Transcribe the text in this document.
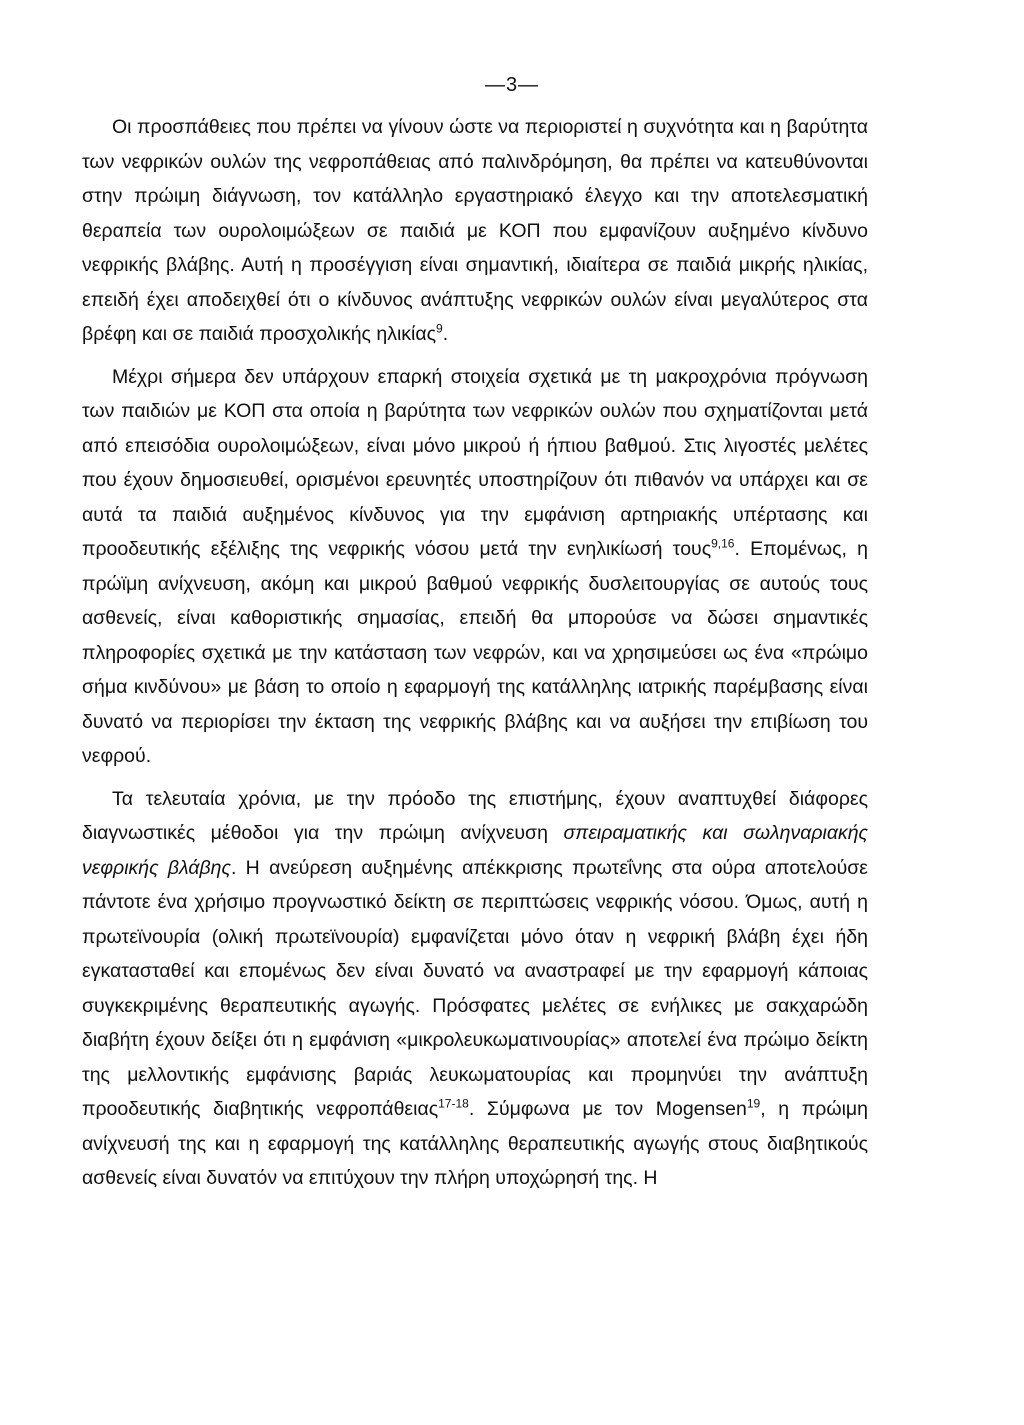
—3—

Οι προσπάθειες που πρέπει να γίνουν ώστε να περιοριστεί η συχνότητα και η βαρύτητα των νεφρικών ουλών της νεφροπάθειας από παλινδρόμηση, θα πρέπει να κατευθύνονται στην πρώιμη διάγνωση, τον κατάλληλο εργαστηριακό έλεγχο και την αποτελεσματική θεραπεία των ουρολοιμώξεων σε παιδιά με ΚΟΠ που εμφανίζουν αυξημένο κίνδυνο νεφρικής βλάβης. Αυτή η προσέγγιση είναι σημαντική, ιδιαίτερα σε παιδιά μικρής ηλικίας, επειδή έχει αποδειχθεί ότι ο κίνδυνος ανάπτυξης νεφρικών ουλών είναι μεγαλύτερος στα βρέφη και σε παιδιά προσχολικής ηλικίας$^9$.

Μέχρι σήμερα δεν υπάρχουν επαρκή στοιχεία σχετικά με τη μακροχρόνια πρόγνωση των παιδιών με ΚΟΠ στα οποία η βαρύτητα των νεφρικών ουλών που σχηματίζονται μετά από επεισόδια ουρολοιμώξεων, είναι μόνο μικρού ή ήπιου βαθμού. Στις λιγοστές μελέτες που έχουν δημοσιευθεί, ορισμένοι ερευνητές υποστηρίζουν ότι πιθανόν να υπάρχει και σε αυτά τα παιδιά αυξημένος κίνδυνος για την εμφάνιση αρτηριακής υπέρτασης και προοδευτικής εξέλιξης της νεφρικής νόσου μετά την ενηλικίωσή τους$^{9,16}$. Επομένως, η πρώϊμη ανίχνευση, ακόμη και μικρού βαθμού νεφρικής δυσλειτουργίας σε αυτούς τους ασθενείς, είναι καθοριστικής σημασίας, επειδή θα μπορούσε να δώσει σημαντικές πληροφορίες σχετικά με την κατάσταση των νεφρών, και να χρησιμεύσει ως ένα «πρώιμο σήμα κινδύνου» με βάση το οποίο η εφαρμογή της κατάλληλης ιατρικής παρέμβασης είναι δυνατό να περιορίσει την έκταση της νεφρικής βλάβης και να αυξήσει την επιβίωση του νεφρού.

Τα τελευταία χρόνια, με την πρόοδο της επιστήμης, έχουν αναπτυχθεί διάφορες διαγνωστικές μέθοδοι για την πρώιμη ανίχνευση σπειραματικής και σωληναριακής νεφρικής βλάβης. Η ανεύρεση αυξημένης απέκκρισης πρωτεΐνης στα ούρα αποτελούσε πάντοτε ένα χρήσιμο προγνωστικό δείκτη σε περιπτώσεις νεφρικής νόσου. Όμως, αυτή η πρωτεϊνουρία (ολική πρωτεϊνουρία) εμφανίζεται μόνο όταν η νεφρική βλάβη έχει ήδη εγκατασταθεί και επομένως δεν είναι δυνατό να αναστραφεί με την εφαρμογή κάποιας συγκεκριμένης θεραπευτικής αγωγής. Πρόσφατες μελέτες σε ενήλικες με σακχαρώδη διαβήτη έχουν δείξει ότι η εμφάνιση «μικρολευκωματινουρίας» αποτελεί ένα πρώιμο δείκτη της μελλοντικής εμφάνισης βαριάς λευκωματουρίας και προμηνύει την ανάπτυξη προοδευτικής διαβητικής νεφροπάθειας$^{17-18}$. Σύμφωνα με τον Mogensen$^{19}$, η πρώιμη ανίχνευσή της και η εφαρμογή της κατάλληλης θεραπευτικής αγωγής στους διαβητικούς ασθενείς είναι δυνατόν να επιτύχουν την πλήρη υποχώρησή της. Η
